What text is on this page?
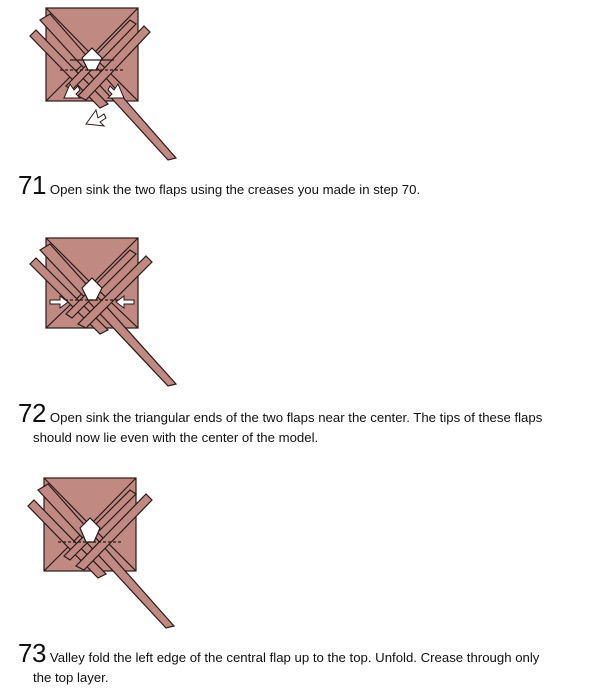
71 Open sink the two flaps using the creases you made in step 70.
72 Open sink the triangular ends of the two flaps near the center. The tips of these flaps
should now lie even with the center of the model.
73 Valley fold the left edge of the central flap up to the top. Unfold. Crease through only
the top layer.
